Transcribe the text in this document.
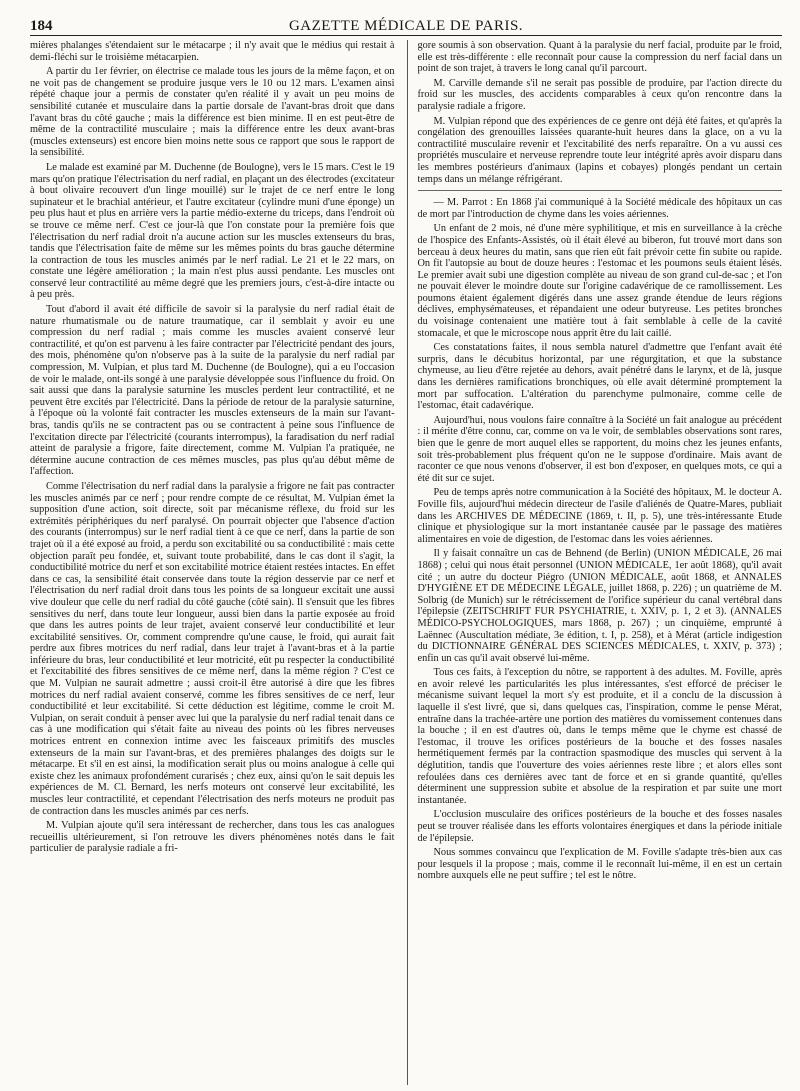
184	GAZETTE MÉDICALE DE PARIS.

mières phalanges s'étendaient sur le métacarpe ; il n'y avait que le médius qui restait à demi-fléchi sur le troisième métacarpien.

A partir du 1er février, on électrise ce malade tous les jours de la même façon, et on ne voit pas de changement se produire jusque vers le 10 ou 12 mars. L'examen ainsi répété chaque jour a permis de constater qu'en réalité il y avait un peu moins de sensibilité cutanée et musculaire dans la partie dorsale de l'avant-bras droit que dans l'avant bras du côté gauche ; mais la différence est bien minime. Il en est peut-être de même de la contractilité musculaire ; mais la différence entre les deux avant-bras (muscles extenseurs) est encore bien moins nette sous ce rapport que sous le rapport de la sensibilité.

Le malade est examiné par M. Duchenne (de Boulogne), vers le 15 mars. C'est le 19 mars qu'on pratique l'électrisation du nerf radial, en plaçant un des électrodes (excitateur à bout olivaire recouvert d'un linge mouillé) sur le trajet de ce nerf entre le long supinateur et le brachial antérieur, et l'autre excitateur (cylindre muni d'une éponge) un peu plus haut et plus en arrière vers la partie médio-externe du triceps, dans l'endroit où se trouve ce même nerf. C'est ce jour-là que l'on constate pour la première fois que l'électrisation du nerf radial droit n'a aucune action sur les muscles extenseurs du bras, tandis que l'électrisation faite de même sur les mêmes points du bras gauche détermine la contraction de tous les muscles animés par le nerf radial. Le 21 et le 22 mars, on constate une légère amélioration ; la main n'est plus aussi pendante. Les muscles ont conservé leur contractilité au même degré que les premiers jours, c'est-à-dire intacte ou à peu près.

Tout d'abord il avait été difficile de savoir si la paralysie du nerf radial était de nature rhumatismale ou de nature traumatique, car il semblait y avoir eu une compression du nerf radial ; mais comme les muscles avaient conservé leur contractilité, et qu'on est parvenu à les faire contracter par l'électricité pendant des jours, des mois, phénomène qu'on n'observe pas à la suite de la paralysie du nerf radial par compression, M. Vulpian, et plus tard M. Duchenne (de Boulogne), qui a eu l'occasion de voir le malade, ont-ils songé à une paralysie développée sous l'influence du froid. On sait aussi que dans la paralysie saturnine les muscles perdent leur contractilité, et ne peuvent être excités par l'électricité. Dans la période de retour de la paralysie saturnine, à l'époque où la volonté fait contracter les muscles extenseurs de la main sur l'avant-bras, tandis qu'ils ne se contractent pas ou se contractent à peine sous l'influence de l'excitation directe par l'électricité (courants interrompus), la faradisation du nerf radial atteint de paralysie a frigore, faite directement, comme M. Vulpian l'a pratiquée, ne détermine aucune contraction de ces mêmes muscles, pas plus qu'au début même de l'affection.

Comme l'électrisation du nerf radial dans la paralysie a frigore ne fait pas contracter les muscles animés par ce nerf ; pour rendre compte de ce résultat, M. Vulpian émet la supposition d'une action, soit directe, soit par mécanisme réflexe, du froid sur les extrémités périphériques du nerf paralysé. On pourrait objecter que l'absence d'action des courants (interrompus) sur le nerf radial tient à ce que ce nerf, dans la partie de son trajet où il a été exposé au froid, a perdu son excitabilité ou sa conductibilité : mais cette objection paraît peu fondée, et, suivant toute probabilité, dans le cas dont il s'agit, la conductibilité motrice du nerf et son excitabilité motrice étaient restées intactes. En effet dans ce cas, la sensibilité était conservée dans toute la région desservie par ce nerf et l'électrisation du nerf radial droit dans tous les points de sa longueur excitait une aussi vive douleur que celle du nerf radial du côté gauche (côté sain). Il s'ensuit que les fibres sensitives du nerf, dans toute leur longueur, aussi bien dans la partie exposée au froid que dans les autres points de leur trajet, avaient conservé leur conductibilité et leur excitabilité sensitives. Or, comment comprendre qu'une cause, le froid, qui aurait fait perdre aux fibres motrices du nerf radial, dans leur trajet à l'avant-bras et à la partie inférieure du bras, leur conductibilité et leur motricité, eût pu respecter la conductibilité et l'excitabilité des fibres sensitives de ce même nerf, dans la même région ? C'est ce que M. Vulpian ne saurait admettre ; aussi croit-il être autorisé à dire que les fibres motrices du nerf radial avaient conservé, comme les fibres sensitives de ce nerf, leur conductibilité et leur excitabilité. Si cette déduction est légitime, comme le croit M. Vulpian, on serait conduit à penser avec lui que la paralysie du nerf radial tenait dans ce cas à une modification qui s'était faite au niveau des points où les fibres nerveuses motrices entrent en connexion intime avec les faisceaux primitifs des muscles extenseurs de la main sur l'avant-bras, et des premières phalanges des doigts sur le métacarpe. Et s'il en est ainsi, la modification serait plus ou moins analogue à celle qui existe chez les animaux profondément curarisés ; chez eux, ainsi qu'on le sait depuis les expériences de M. Cl. Bernard, les nerfs moteurs ont conservé leur excitabilité, les muscles leur contractilité, et cependant l'électrisation des nerfs moteurs ne produit pas de contraction dans les muscles animés par ces nerfs.

M. Vulpian ajoute qu'il sera intéressant de rechercher, dans tous les cas analogues recueillis ultérieurement, si l'on retrouve les divers phénomènes notés dans le fait particulier de paralysie radiale a fri-

gore soumis à son observation. Quant à la paralysie du nerf facial, produite par le froid, elle est très-différente : elle reconnaît pour cause la compression du nerf facial dans un point de son trajet, à travers le long canal qu'il parcourt.

M. Carville demande s'il ne serait pas possible de produire, par l'action directe du froid sur les muscles, des accidents comparables à ceux qu'on rencontre dans la paralysie radiale a frigore.

M. Vulpian répond que des expériences de ce genre ont déjà été faites, et qu'après la congélation des grenouilles laissées quarante-huit heures dans la glace, on a vu la contractilité musculaire revenir et l'excitabilité des nerfs reparaître. On a vu aussi ces propriétés musculaire et nerveuse reprendre toute leur intégrité après avoir disparu dans les membres postérieurs d'animaux (lapins et cobayes) plongés pendant un certain temps dans un mélange réfrigérant.

— M. Parrot : En 1868 j'ai communiqué à la Société médicale des hôpitaux un cas de mort par l'introduction de chyme dans les voies aériennes.

Un enfant de 2 mois, né d'une mère syphilitique, et mis en surveillance à la crèche de l'hospice des Enfants-Assistés, où il était élevé au biberon, fut trouvé mort dans son berceau à deux heures du matin, sans que rien eût fait prévoir cette fin subite ou rapide. On fit l'autopsie au bout de douze heures : l'estomac et les poumons seuls étaient lésés. Le premier avait subi une digestion complète au niveau de son grand cul-de-sac ; et l'on ne pouvait élever le moindre doute sur l'origine cadavérique de ce ramollissement. Les poumons étaient également digérés dans une assez grande étendue de leurs régions déclives, emphysémateuses, et répandaient une odeur butyreuse. Les petites bronches du voisinage contenaient une matière tout à fait semblable à celle de la cavité stomacale, et que le microscope nous apprit être du lait caillé.

Ces constatations faites, il nous sembla naturel d'admettre que l'enfant avait été surpris, dans le décubitus horizontal, par une régurgitation, et que la substance chymeuse, au lieu d'être rejetée au dehors, avait pénétré dans le larynx, et de là, jusque dans les dernières ramifications bronchiques, où elle avait déterminé promptement la mort par suffocation. L'altération du parenchyme pulmonaire, comme celle de l'estomac, était cadavérique.

Aujourd'hui, nous voulons faire connaître à la Société un fait analogue au précédent : il mérite d'être connu, car, comme on va le voir, de semblables observations sont rares, bien que le genre de mort auquel elles se rapportent, du moins chez les jeunes enfants, soit très-probablement plus fréquent qu'on ne le suppose d'ordinaire. Mais avant de raconter ce que nous venons d'observer, il est bon d'exposer, en quelques mots, ce qui a été dit sur ce sujet.

Peu de temps après notre communication à la Société des hôpitaux, M. le docteur A. Foville fils, aujourd'hui médecin directeur de l'asile d'aliénés de Quatre-Mares, publiait dans les ARCHIVES DE MÉDECINE (1869, t. II, p. 5), une très-intéressante Etude clinique et physiologique sur la mort instantanée causée par le passage des matières alimentaires en voie de digestion, de l'estomac dans les voies aériennes.

Il y faisait connaître un cas de Behnend (de Berlin) (UNION MÉDICALE, 26 mai 1868) ; celui qui nous était personnel (UNION MÉDICALE, 1er août 1868), qu'il avait cité ; un autre du docteur Piégro (UNION MÉDICALE, août 1868, et ANNALES D'HYGIÈNE ET DE MÉDECINE LÉGALE, juillet 1868, p. 226) ; un quatrième de M. Solbrig (de Munich) sur le rétrécissement de l'orifice supérieur du canal vertébral dans l'épilepsie (ZEITSCHRIFT FUR PSYCHIATRIE, t. XXIV, p. 1, 2 et 3). (ANNALES MÉDICO-PSYCHOLOGIQUES, mars 1868, p. 267) ; un cinquième, emprunté à Laënnec (Auscultation médiate, 3e édition, t. I, p. 258), et à Mérat (article indigestion du DICTIONNAIRE GÉNÉRAL DES SCIENCES MÉDICALES, t. XXIV, p. 373) ; enfin un cas qu'il avait observé lui-même.

Tous ces faits, à l'exception du nôtre, se rapportent à des adultes. M. Foville, après en avoir relevé les particularités les plus intéressantes, s'est efforcé de préciser le mécanisme suivant lequel la mort s'y est produite, et il a conclu de la discussion à laquelle il s'est livré, que si, dans quelques cas, l'inspiration, comme le pense Mérat, entraîne dans la trachée-artère une portion des matières du vomissement contenues dans la bouche ; il en est d'autres où, dans le temps même que le chyme est chassé de l'estomac, il trouve les orifices postérieurs de la bouche et des fosses nasales hermétiquement fermés par la contraction spasmodique des muscles qui servent à la déglutition, tandis que l'ouverture des voies aériennes reste libre ; et alors elles sont refoulées dans ces dernières avec tant de force et en si grande quantité, qu'elles déterminent une suppression subite et absolue de la respiration et par suite une mort instantanée.

L'occlusion musculaire des orifices postérieurs de la bouche et des fosses nasales peut se trouver réalisée dans les efforts volontaires énergiques et dans la période initiale de l'épilepsie.

Nous sommes convaincu que l'explication de M. Foville s'adapte très-bien aux cas pour lesquels il la propose ; mais, comme il le reconnaît lui-même, il en est un certain nombre auxquels elle ne peut suffire ; tel est le nôtre.
